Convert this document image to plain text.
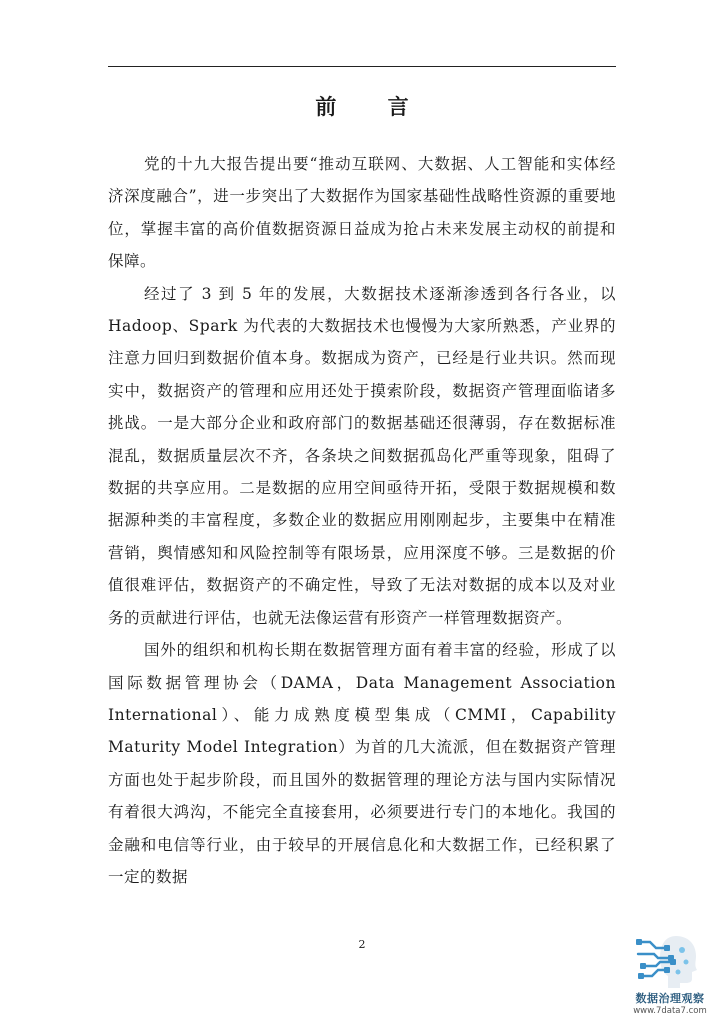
前 言

党的十九大报告提出要“推动互联网、大数据、人工智能和实体经济深度融合”，进一步突出了大数据作为国家基础性战略性资源的重要地位，掌握丰富的高价值数据资源日益成为抢占未来发展主动权的前提和保障。

经过了 3 到 5 年的发展，大数据技术逐渐渗透到各行各业，以 Hadoop、Spark 为代表的大数据技术也慢慢为大家所熟悉，产业界的注意力回归到数据价值本身。数据成为资产，已经是行业共识。然而现实中，数据资产的管理和应用还处于摸索阶段，数据资产管理面临诸多挑战。一是大部分企业和政府部门的数据基础还很薄弱，存在数据标准混乱，数据质量层次不齐，各条块之间数据孤岛化严重等现象，阻碍了数据的共享应用。二是数据的应用空间亟待开拓，受限于数据规模和数据源种类的丰富程度，多数企业的数据应用刚刚起步，主要集中在精准营销，舆情感知和风险控制等有限场景，应用深度不够。三是数据的价值很难评估，数据资产的不确定性，导致了无法对数据的成本以及对业务的贡献进行评估，也就无法像运营有形资产一样管理数据资产。

国外的组织和机构长期在数据管理方面有着丰富的经验，形成了以国际数据管理协会（DAMA，Data Management Association International）、能力成熟度模型集成（CMMI，Capability Maturity Model Integration）为首的几大流派，但在数据资产管理方面也处于起步阶段，而且国外的数据管理的理论方法与国内实际情况有着很大鸿沟，不能完全直接套用，必须要进行专门的本地化。我国的金融和电信等行业，由于较早的开展信息化和大数据工作，已经积累了一定的数据

2
数据治理观察
www.7data7.com
